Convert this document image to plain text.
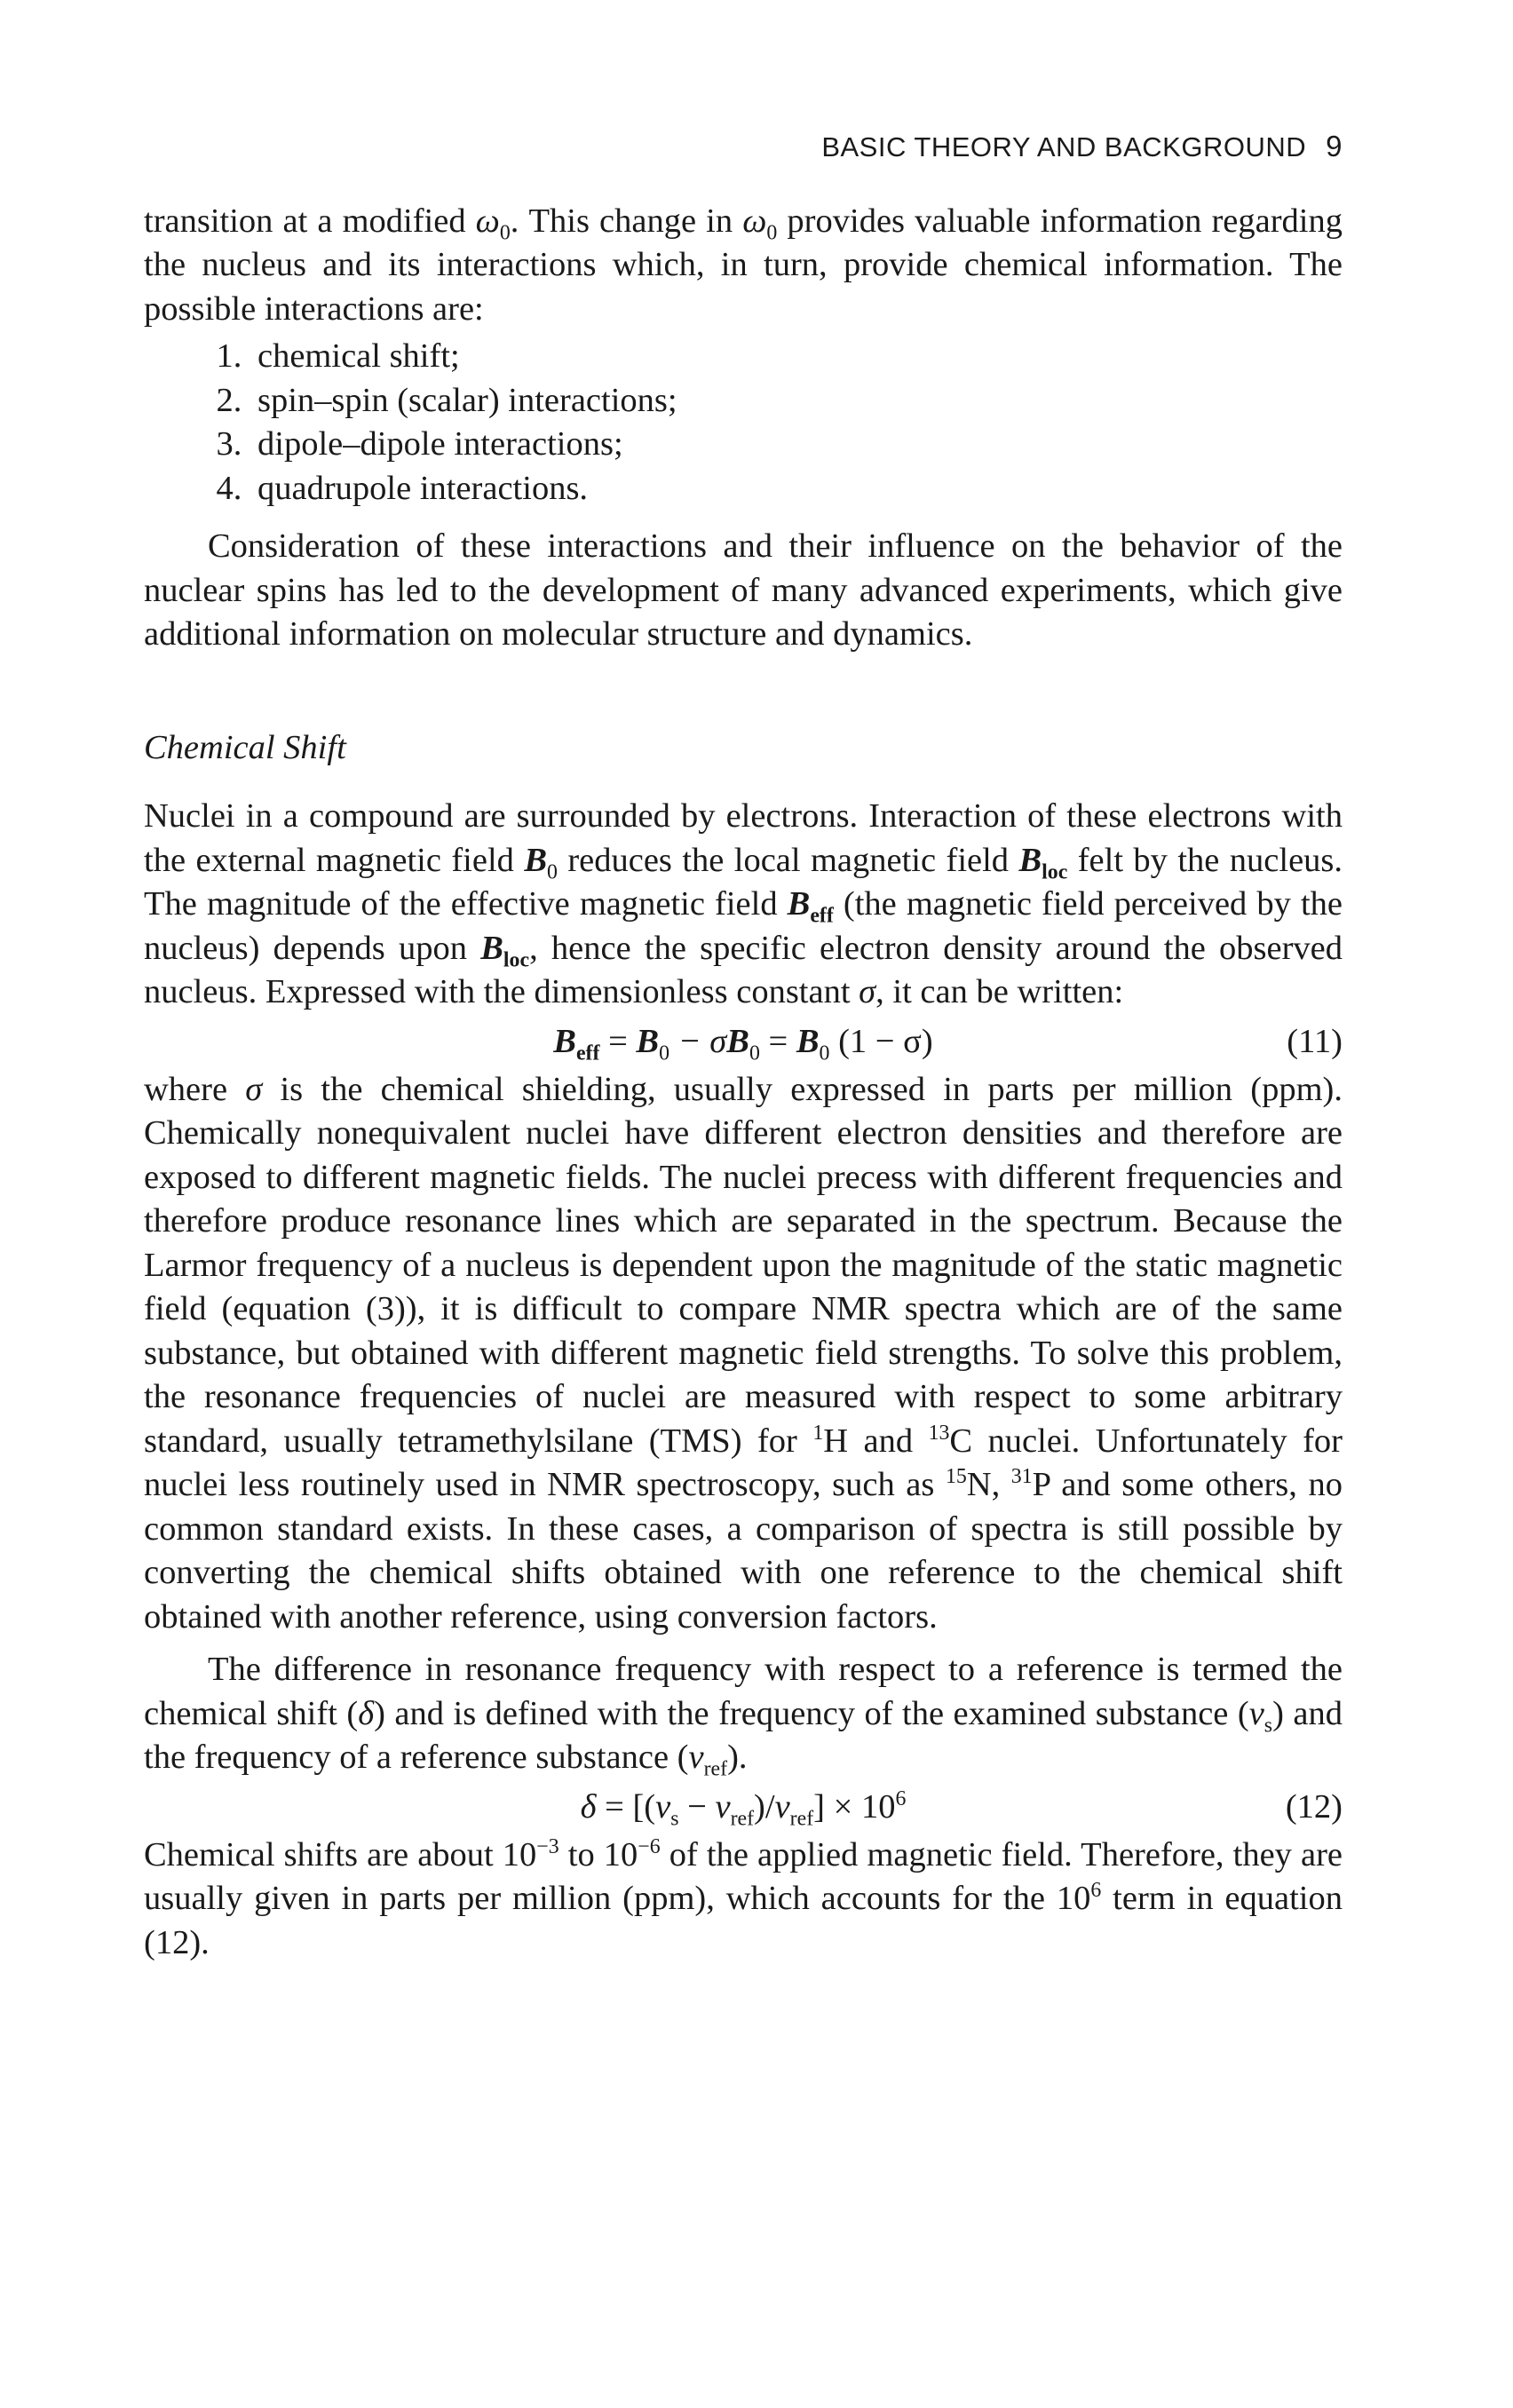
BASIC THEORY AND BACKGROUND 9

transition at a modified $\omega_0$. This change in $\omega_0$ provides valuable information regarding the nucleus and its interactions which, in turn, provide chemical information. The possible interactions are:

1. chemical shift;
2. spin–spin (scalar) interactions;
3. dipole–dipole interactions;
4. quadrupole interactions.

Consideration of these interactions and their influence on the behavior of the nuclear spins has led to the development of many advanced experiments, which give additional information on molecular structure and dynamics.

Chemical Shift

Nuclei in a compound are surrounded by electrons. Interaction of these electrons with the external magnetic field $B_0$ reduces the local magnetic field $B_{loc}$ felt by the nucleus. The magnitude of the effective magnetic field $B_{eff}$ (the magnetic field perceived by the nucleus) depends upon $B_{loc}$, hence the specific electron density around the observed nucleus. Expressed with the dimensionless constant σ, it can be written:

$B_{eff} = B_0 - \sigma B_0 = B_0$ (1 − σ)	(11)

where σ is the chemical shielding, usually expressed in parts per million (ppm). Chemically nonequivalent nuclei have different electron densities and therefore are exposed to different magnetic fields. The nuclei precess with different frequencies and therefore produce resonance lines which are separated in the spectrum. Because the Larmor frequency of a nucleus is dependent upon the magnitude of the static magnetic field (equation (3)), it is difficult to compare NMR spectra which are of the same substance, but obtained with different magnetic field strengths. To solve this problem, the resonance frequencies of nuclei are measured with respect to some arbitrary standard, usually tetramethylsilane (TMS) for $^1$H and $^{13}$C nuclei. Unfortunately for nuclei less routinely used in NMR spectroscopy, such as $^{15}$N, $^{31}$P and some others, no common standard exists. In these cases, a comparison of spectra is still possible by converting the chemical shifts obtained with one reference to the chemical shift obtained with another reference, using conversion factors.

The difference in resonance frequency with respect to a reference is termed the chemical shift (δ) and is defined with the frequency of the examined substance $(\nu_s)$ and the frequency of a reference substance $(\nu_{ref})$.

$\delta = [(\nu_s - \nu_{ref})/\nu_{ref}] \times 10^6$	(12)

Chemical shifts are about $10^{-3}$ to $10^{-6}$ of the applied magnetic field. Therefore, they are usually given in parts per million (ppm), which accounts for the $10^6$ term in equation (12).
